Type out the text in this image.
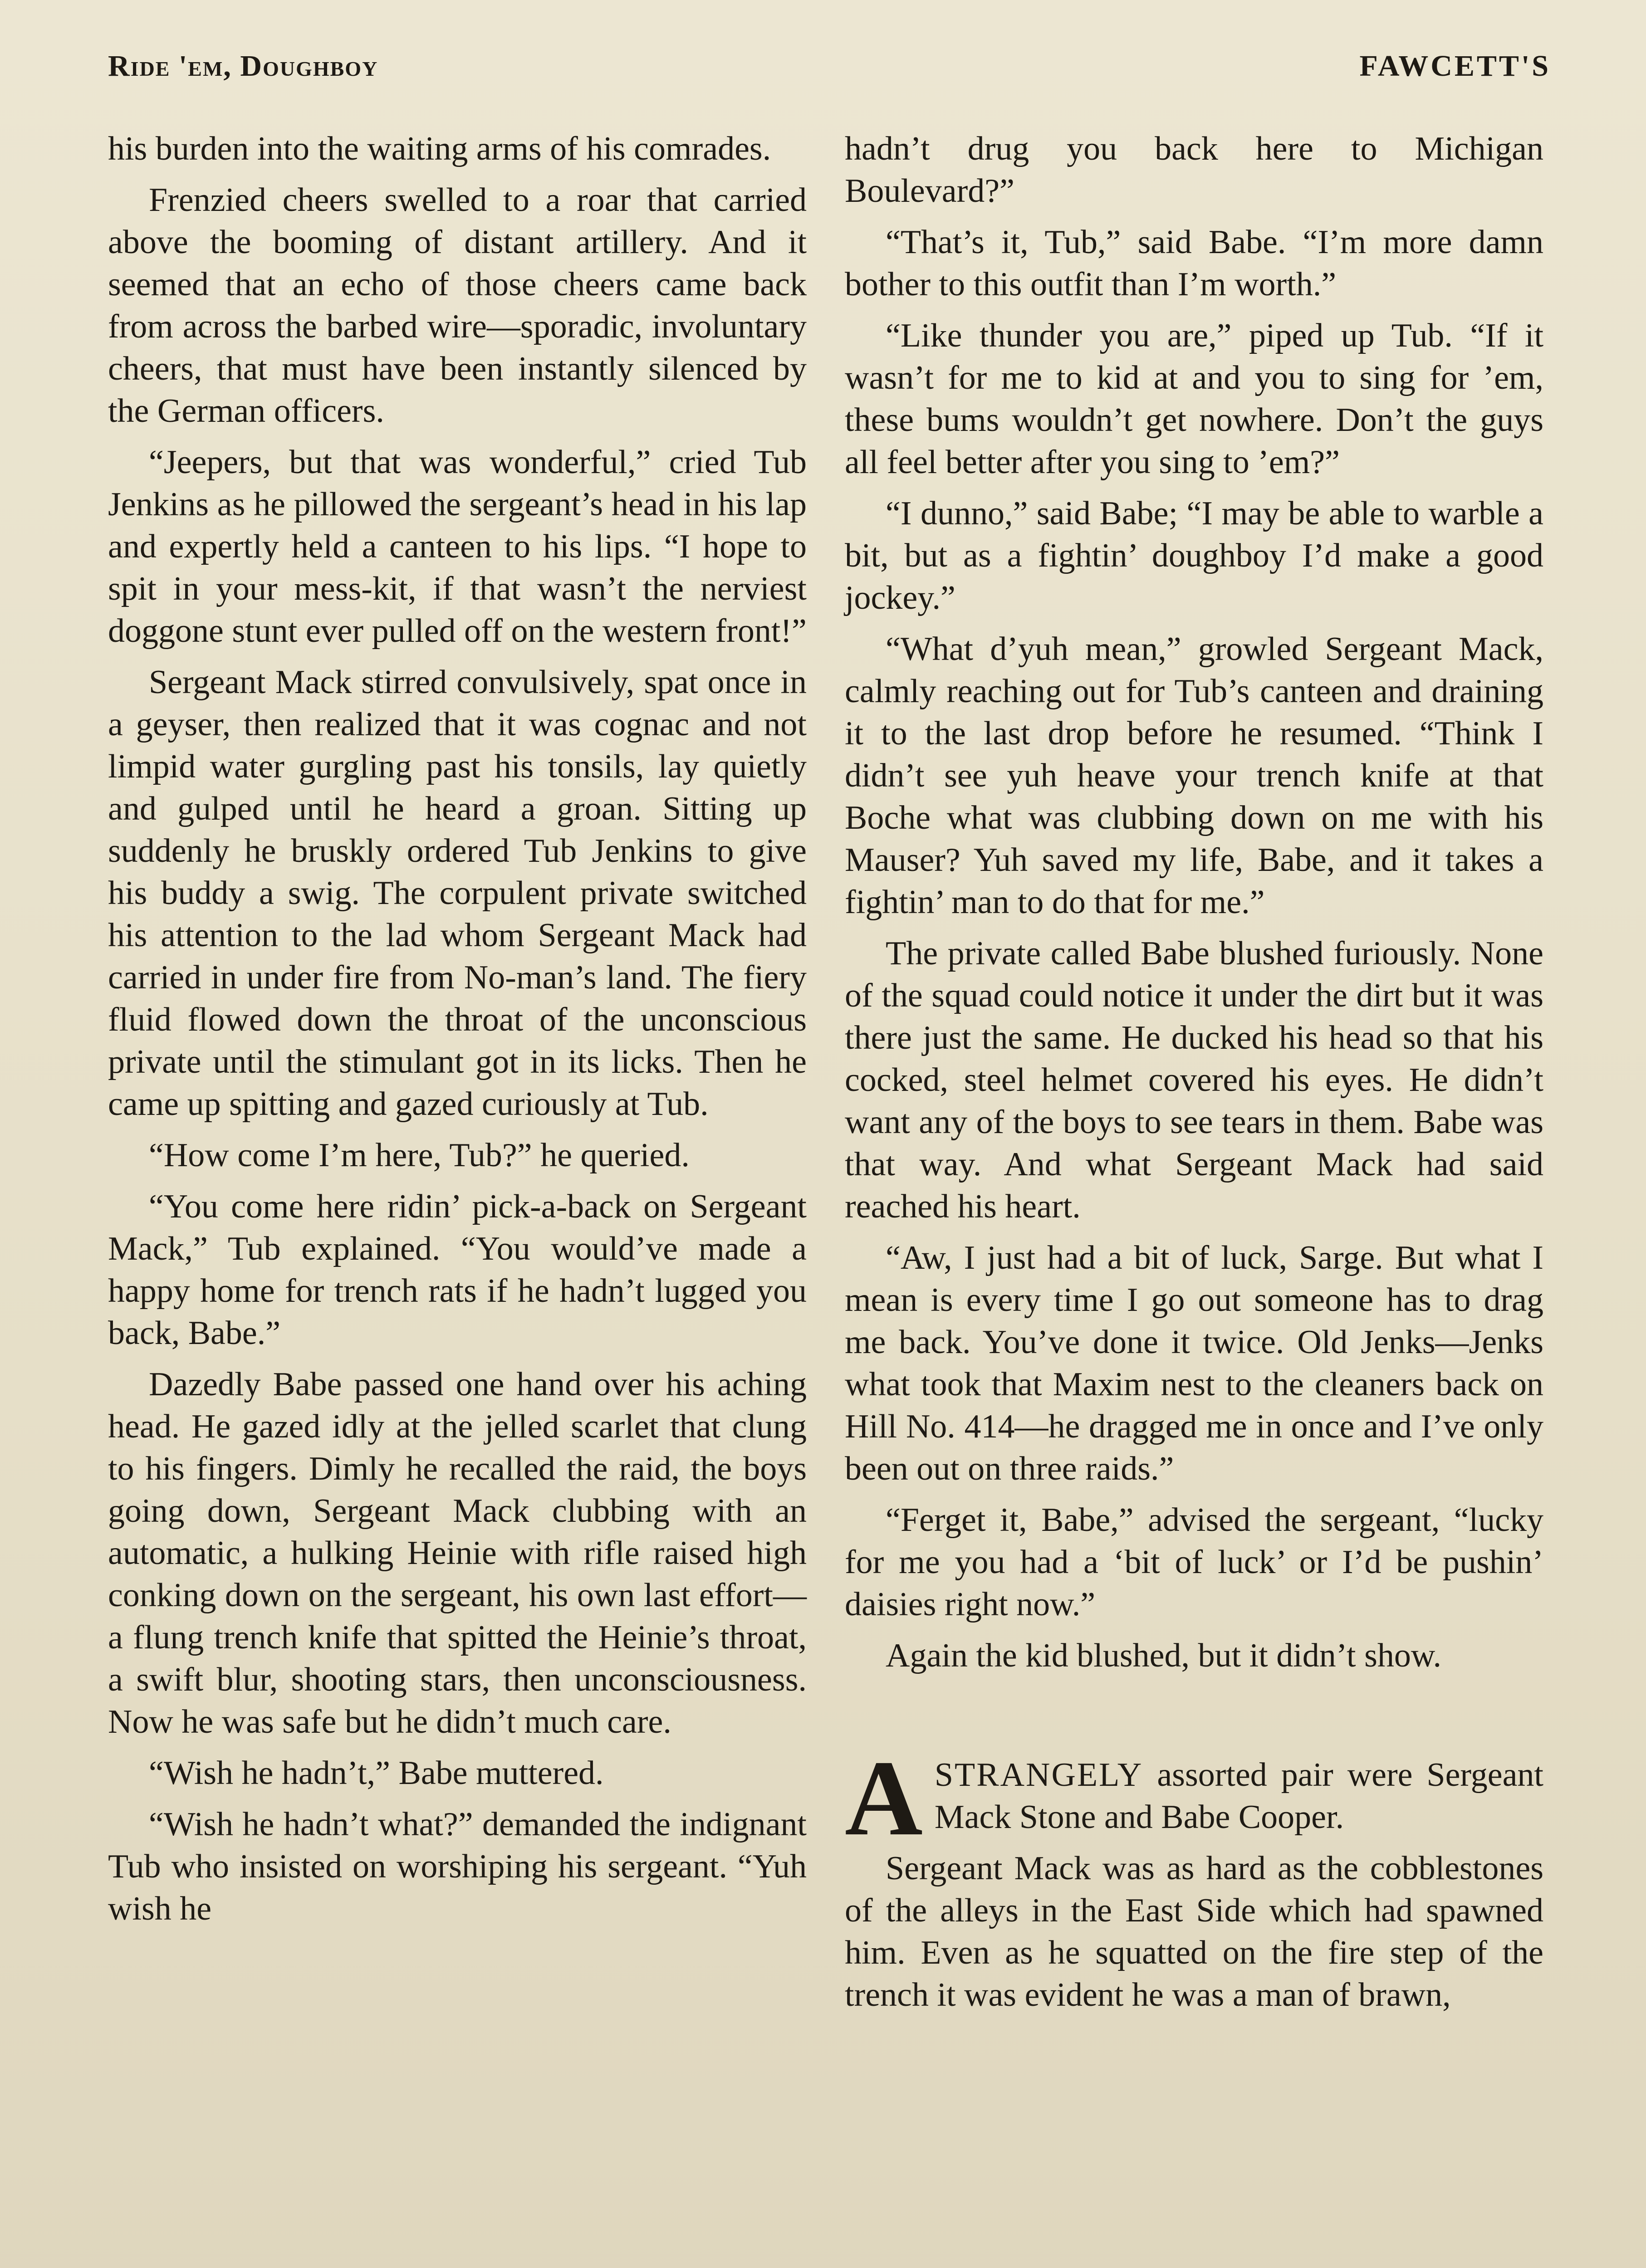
Ride 'em, Doughboy	FAWCETT'S

his burden into the waiting arms of his comrades.

Frenzied cheers swelled to a roar that carried above the booming of distant artillery. And it seemed that an echo of those cheers came back from across the barbed wire—sporadic, involuntary cheers, that must have been instantly silenced by the German officers.

“Jeepers, but that was wonderful,” cried Tub Jenkins as he pillowed the sergeant’s head in his lap and expertly held a canteen to his lips. “I hope to spit in your mess-kit, if that wasn’t the nerviest doggone stunt ever pulled off on the western front!”

Sergeant Mack stirred convulsively, spat once in a geyser, then realized that it was cognac and not limpid water gurgling past his tonsils, lay quietly and gulped until he heard a groan. Sitting up suddenly he bruskly ordered Tub Jenkins to give his buddy a swig. The corpulent private switched his attention to the lad whom Sergeant Mack had carried in under fire from No-man’s land. The fiery fluid flowed down the throat of the unconscious private until the stimulant got in its licks. Then he came up spitting and gazed curiously at Tub.

“How come I’m here, Tub?” he queried.

“You come here ridin’ pick-a-back on Sergeant Mack,” Tub explained. “You would’ve made a happy home for trench rats if he hadn’t lugged you back, Babe.”

Dazedly Babe passed one hand over his aching head. He gazed idly at the jelled scarlet that clung to his fingers. Dimly he recalled the raid, the boys going down, Sergeant Mack clubbing with an automatic, a hulking Heinie with rifle raised high conking down on the sergeant, his own last effort—a flung trench knife that spitted the Heinie’s throat, a swift blur, shooting stars, then unconsciousness. Now he was safe but he didn’t much care.

“Wish he hadn’t,” Babe muttered.

“Wish he hadn’t what?” demanded the indignant Tub who insisted on worshiping his sergeant. “Yuh wish he

hadn’t drug you back here to Michigan Boulevard?”

“That’s it, Tub,” said Babe. “I’m more damn bother to this outfit than I’m worth.”

“Like thunder you are,” piped up Tub. “If it wasn’t for me to kid at and you to sing for ’em, these bums wouldn’t get nowhere. Don’t the guys all feel better after you sing to ’em?”

“I dunno,” said Babe; “I may be able to warble a bit, but as a fightin’ doughboy I’d make a good jockey.”

“What d’yuh mean,” growled Sergeant Mack, calmly reaching out for Tub’s canteen and draining it to the last drop before he resumed. “Think I didn’t see yuh heave your trench knife at that Boche what was clubbing down on me with his Mauser? Yuh saved my life, Babe, and it takes a fightin’ man to do that for me.”

The private called Babe blushed furiously. None of the squad could notice it under the dirt but it was there just the same. He ducked his head so that his cocked, steel helmet covered his eyes. He didn’t want any of the boys to see tears in them. Babe was that way. And what Sergeant Mack had said reached his heart.

“Aw, I just had a bit of luck, Sarge. But what I mean is every time I go out someone has to drag me back. You’ve done it twice. Old Jenks—Jenks what took that Maxim nest to the cleaners back on Hill No. 414—he dragged me in once and I’ve only been out on three raids.”

“Ferget it, Babe,” advised the sergeant, “lucky for me you had a ‘bit of luck’ or I’d be pushin’ daisies right now.”

Again the kid blushed, but it didn’t show.

ASTRANGELY assorted pair were Sergeant Mack Stone and Babe Cooper.

Sergeant Mack was as hard as the cobblestones of the alleys in the East Side which had spawned him. Even as he squatted on the fire step of the trench it was evident he was a man of brawn,
